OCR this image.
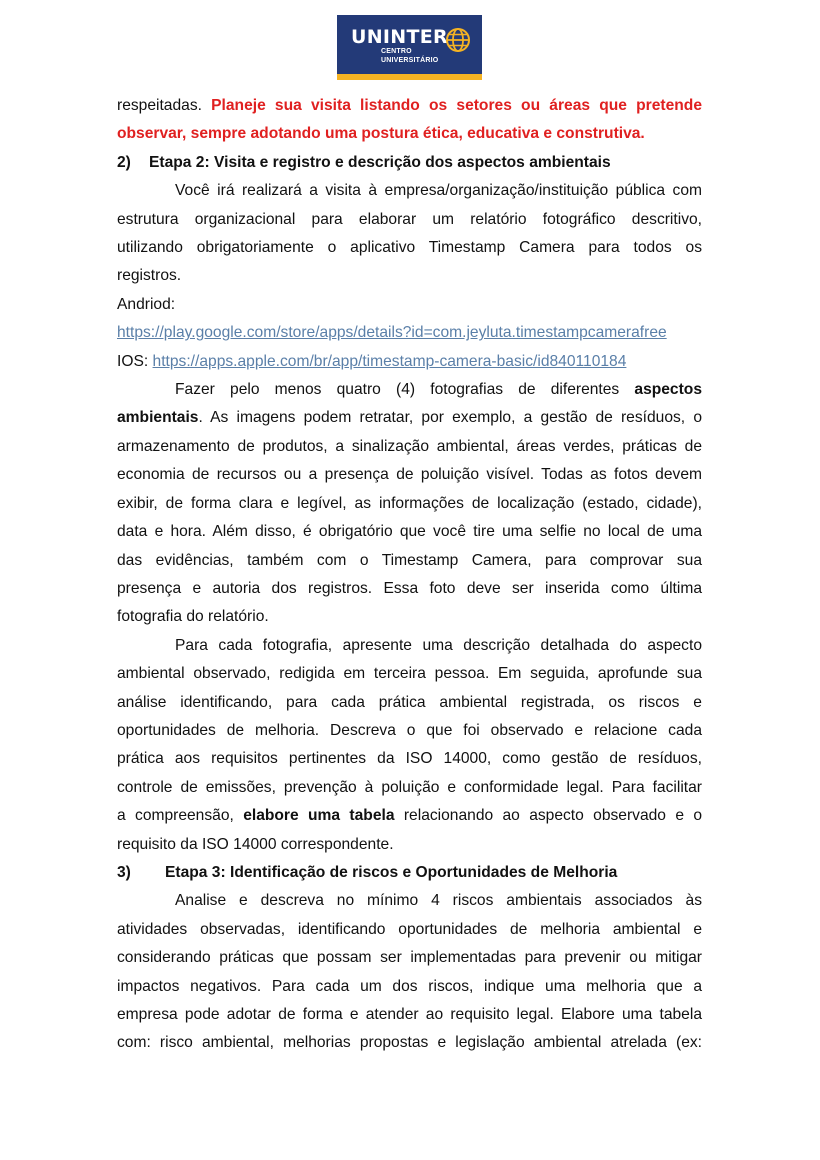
UNINTER
CENTRO
UNIVERSITÁRIO

respeitadas. Planeje sua visita listando os setores ou áreas que pretende

observar, sempre adotando uma postura ética, educativa e construtiva.

2) Etapa 2: Visita e registro e descrição dos aspectos ambientais

Você irá realizará a visita à empresa/organização/instituição pública com

estrutura organizacional para elaborar um relatório fotográfico descritivo,

utilizando obrigatoriamente o aplicativo Timestamp Camera para todos os

registros.

Andriod:

https://play.google.com/store/apps/details?id=com.jeyluta.timestampcamerafree

IOS: https://apps.apple.com/br/app/timestamp-camera-basic/id840110184

Fazer pelo menos quatro (4) fotografias de diferentes aspectos

ambientais. As imagens podem retratar, por exemplo, a gestão de resíduos, o

armazenamento de produtos, a sinalização ambiental, áreas verdes, práticas de

economia de recursos ou a presença de poluição visível. Todas as fotos devem

exibir, de forma clara e legível, as informações de localização (estado, cidade),

data e hora. Além disso, é obrigatório que você tire uma selfie no local de uma

das evidências, também com o Timestamp Camera, para comprovar sua

presença e autoria dos registros. Essa foto deve ser inserida como última

fotografia do relatório.

Para cada fotografia, apresente uma descrição detalhada do aspecto

ambiental observado, redigida em terceira pessoa. Em seguida, aprofunde sua

análise identificando, para cada prática ambiental registrada, os riscos e

oportunidades de melhoria. Descreva o que foi observado e relacione cada

prática aos requisitos pertinentes da ISO 14000, como gestão de resíduos,

controle de emissões, prevenção à poluição e conformidade legal. Para facilitar

a compreensão, elabore uma tabela relacionando ao aspecto observado e o

requisito da ISO 14000 correspondente.

3) Etapa 3: Identificação de riscos e Oportunidades de Melhoria

Analise e descreva no mínimo 4 riscos ambientais associados às

atividades observadas, identificando oportunidades de melhoria ambiental e

considerando práticas que possam ser implementadas para prevenir ou mitigar

impactos negativos. Para cada um dos riscos, indique uma melhoria que a

empresa pode adotar de forma e atender ao requisito legal. Elabore uma tabela

com: risco ambiental, melhorias propostas e legislação ambiental atrelada (ex:
